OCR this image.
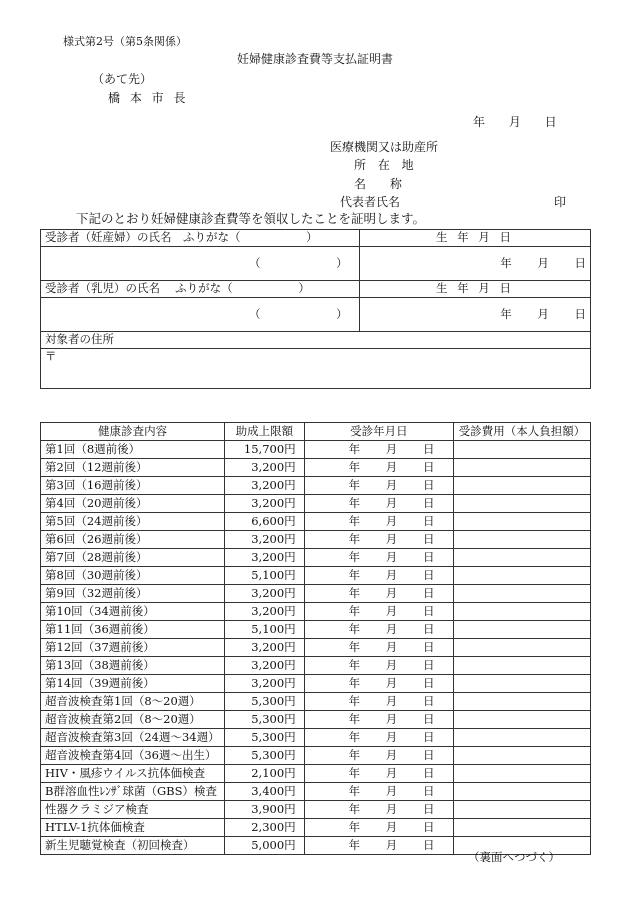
様式第2号（第5条関係）
妊婦健康診査費等支払証明書
（あて先）
橋 本 市 長
年 月 日
医療機関又は助産所
所 在 地
名 称
代表者氏名	印
下記のとおり妊婦健康診査費等を領収したことを証明します。
受診者（妊産婦）の氏名　ふりがな（ ）	生 年 月 日
（ ）	年 月 日
受診者（乳児）の氏名　 ふりがな（ ）	生 年 月 日
（ ）	年 月 日
対象者の住所	
〒	
健康診査内容	助成上限額	受診年月日	受診費用（本人負担額）
第1回（8週前後）	15,700円	年 月 日	
第2回（12週前後）	3,200円	年 月 日	
第3回（16週前後）	3,200円	年 月 日	
第4回（20週前後）	3,200円	年 月 日	
第5回（24週前後）	6,600円	年 月 日	
第6回（26週前後）	3,200円	年 月 日	
第7回（28週前後）	3,200円	年 月 日	
第8回（30週前後）	5,100円	年 月 日	
第9回（32週前後）	3,200円	年 月 日	
第10回（34週前後）	3,200円	年 月 日	
第11回（36週前後）	5,100円	年 月 日	
第12回（37週前後）	3,200円	年 月 日	
第13回（38週前後）	3,200円	年 月 日	
第14回（39週前後）	3,200円	年 月 日	
超音波検査第1回（8～20週）	5,300円	年 月 日	
超音波検査第2回（8～20週）	5,300円	年 月 日	
超音波検査第3回（24週～34週）	5,300円	年 月 日	
超音波検査第4回（36週～出生）	5,300円	年 月 日	
HIV・風疹ウイルス抗体価検査	2,100円	年 月 日	
B群溶血性ﾚﾝｻﾞ球菌（GBS）検査	3,400円	年 月 日	
性器クラミジア検査	3,900円	年 月 日	
HTLV-1抗体価検査	2,300円	年 月 日	
新生児聴覚検査（初回検査）	5,000円	年 月 日	
（裏面へつづく）
